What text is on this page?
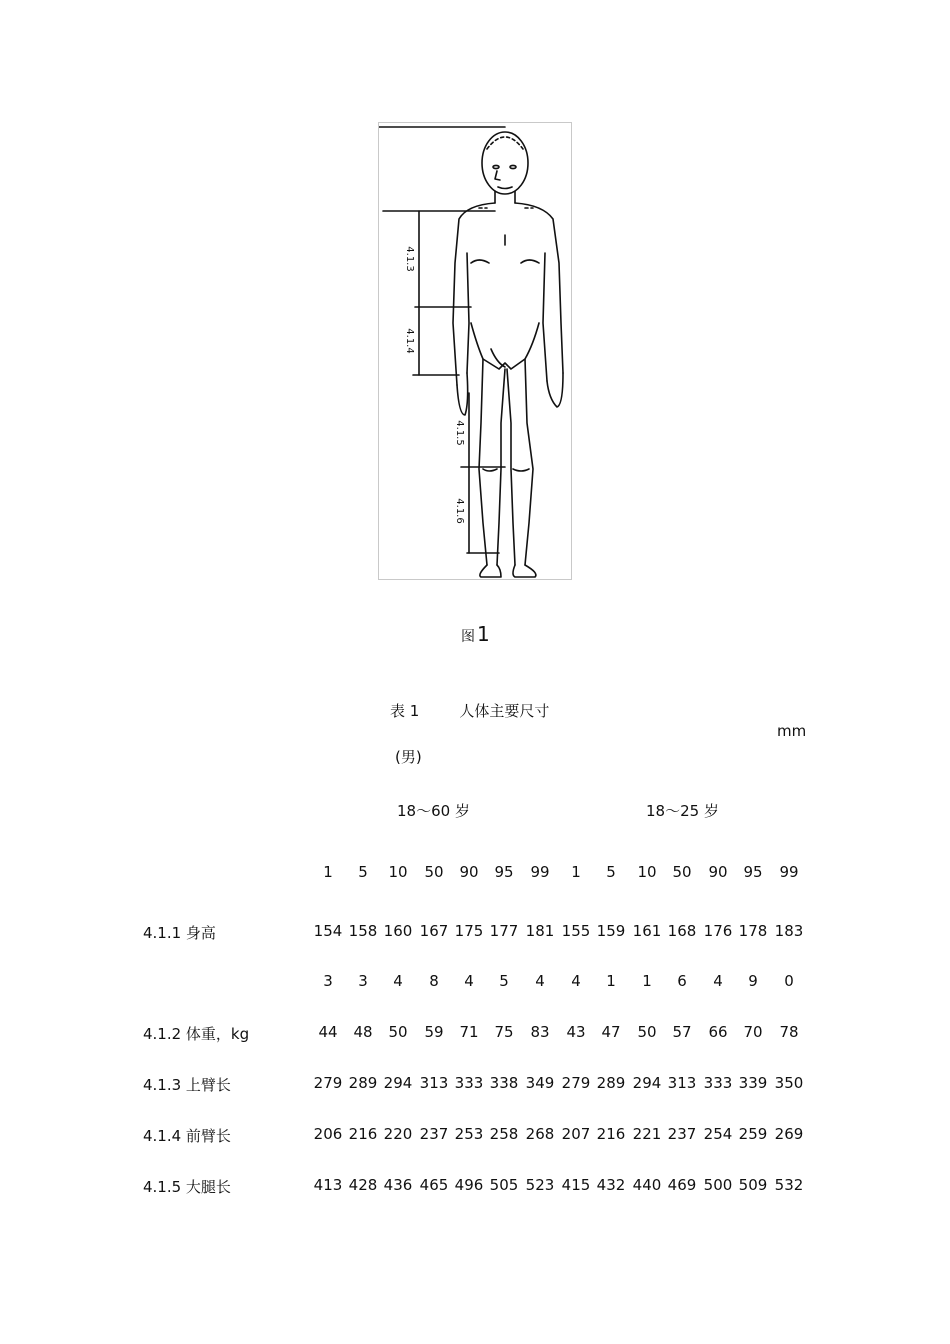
4.1.3
4.1.4
4.1.5
4.1.6
图 1
表 1	人体主要尺寸
mm
(男)
18～60 岁	18～25 岁
1	5	10	50	90	95	99	1	5	10	50	90	95	99
4.1.1 身高	154 158 160 167 175 177 181 155 159 161 168 176 178 183
3	3	4	8	4	5	4	4	1	1	6	4	9	0
4.1.2 体重，kg	44	48	50	59	71	75	83	43	47	50	57	66	70	78
4.1.3 上臂长	279 289 294 313 333 338 349 279 289 294 313 333 339 350
4.1.4 前臂长	206 216 220 237 253 258 268 207 216 221 237 254 259 269
4.1.5 大腿长	413 428 436 465 496 505 523 415 432 440 469 500 509 532
